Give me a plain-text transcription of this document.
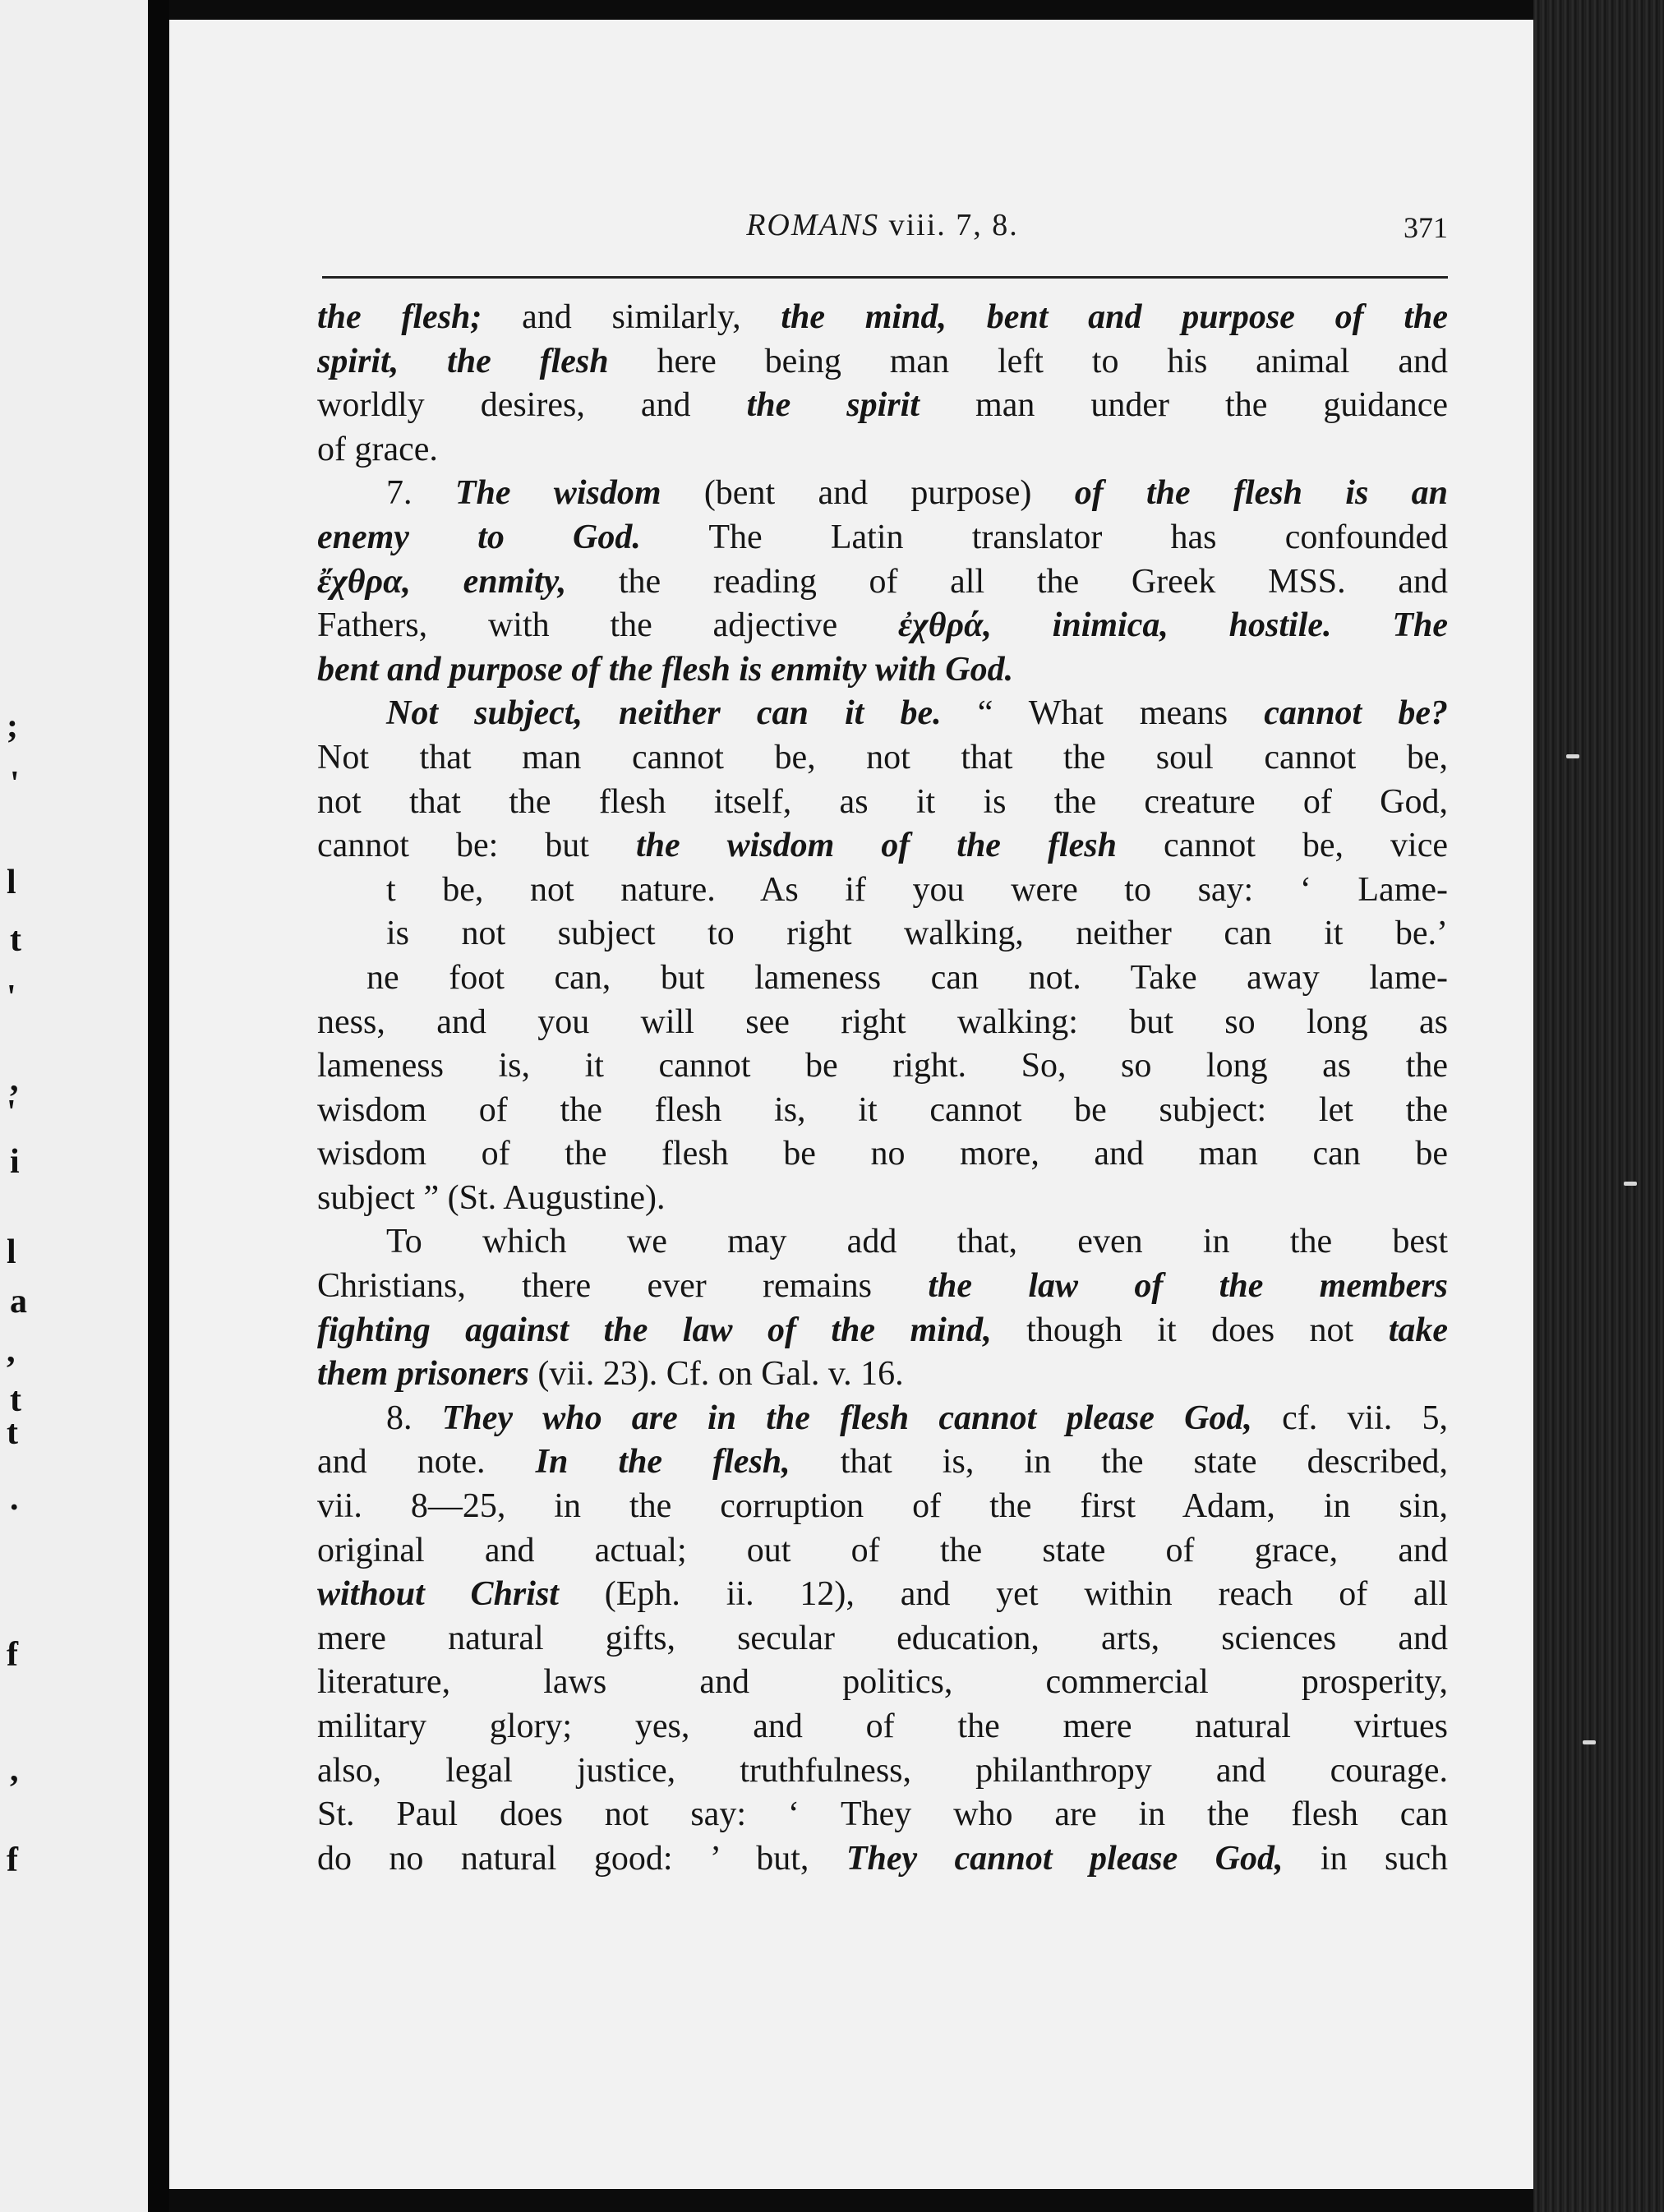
;
'
l
t
'
,
'
i
l
a
,
t
t
.
f
,
f
ROMANS viii. 7, 8.	371
the flesh; and similarly, the mind, bent and purpose of the
spirit, the flesh here being man left to his animal and
worldly desires, and the spirit man under the guidance
of grace.
7. The wisdom (bent and purpose) of the flesh is an
enemy to God. The Latin translator has confounded
ἔχθρα, enmity, the reading of all the Greek MSS. and
Fathers, with the adjective ἐχθρά, inimica, hostile. The
bent and purpose of the flesh is enmity with God.
Not subject, neither can it be. “ What means cannot be?
Not that man cannot be, not that the soul cannot be,
not that the flesh itself, as it is the creature of God,
cannot be: but the wisdom of the flesh cannot be, vice
t be, not nature. As if you were to say: ‘ Lame-
is not subject to right walking, neither can it be.’
ne foot can, but lameness can not. Take away lame-
ness, and you will see right walking: but so long as
lameness is, it cannot be right. So, so long as the
wisdom of the flesh is, it cannot be subject: let the
wisdom of the flesh be no more, and man can be
subject ” (St. Augustine).
To which we may add that, even in the best
Christians, there ever remains the law of the members
fighting against the law of the mind, though it does not take
them prisoners (vii. 23). Cf. on Gal. v. 16.
8. They who are in the flesh cannot please God, cf. vii. 5,
and note. In the flesh, that is, in the state described,
vii. 8—25, in the corruption of the first Adam, in sin,
original and actual; out of the state of grace, and
without Christ (Eph. ii. 12), and yet within reach of all
mere natural gifts, secular education, arts, sciences and
literature, laws and politics, commercial prosperity,
military glory; yes, and of the mere natural virtues
also, legal justice, truthfulness, philanthropy and courage.
St. Paul does not say: ‘ They who are in the flesh can
do no natural good: ’ but, They cannot please God, in such
